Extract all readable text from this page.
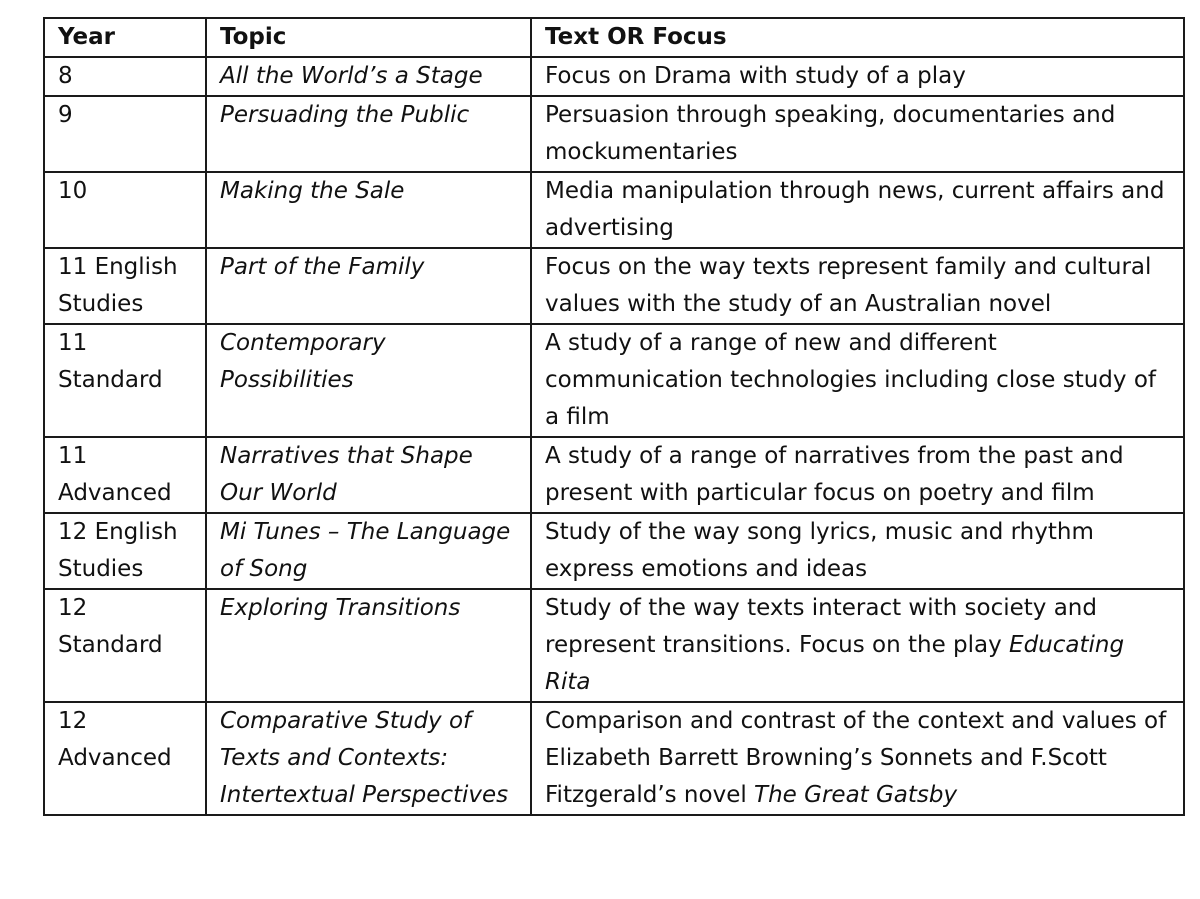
Year	Topic	Text OR Focus
8	All the World’s a Stage	Focus on Drama with study of a play
9	Persuading the Public	Persuasion through speaking, documentaries and mockumentaries
10	Making the Sale	Media manipulation through news, current affairs and advertising
11 English Studies	Part of the Family	Focus on the way texts represent family and cultural values with the study of an Australian novel
11 Standard	Contemporary Possibilities	A study of a range of new and different communication technologies including close study of a film
11 Advanced	Narratives that Shape Our World	A study of a range of narratives from the past and present with particular focus on poetry and film
12 English Studies	Mi Tunes – The Language of Song	Study of the way song lyrics, music and rhythm express emotions and ideas
12 Standard	Exploring Transitions	Study of the way texts interact with society and represent transitions. Focus on the play Educating Rita
12 Advanced	Comparative Study of Texts and Contexts: Intertextual Perspectives	Comparison and contrast of the context and values of Elizabeth Barrett Browning’s Sonnets and F.Scott Fitzgerald’s novel The Great Gatsby
